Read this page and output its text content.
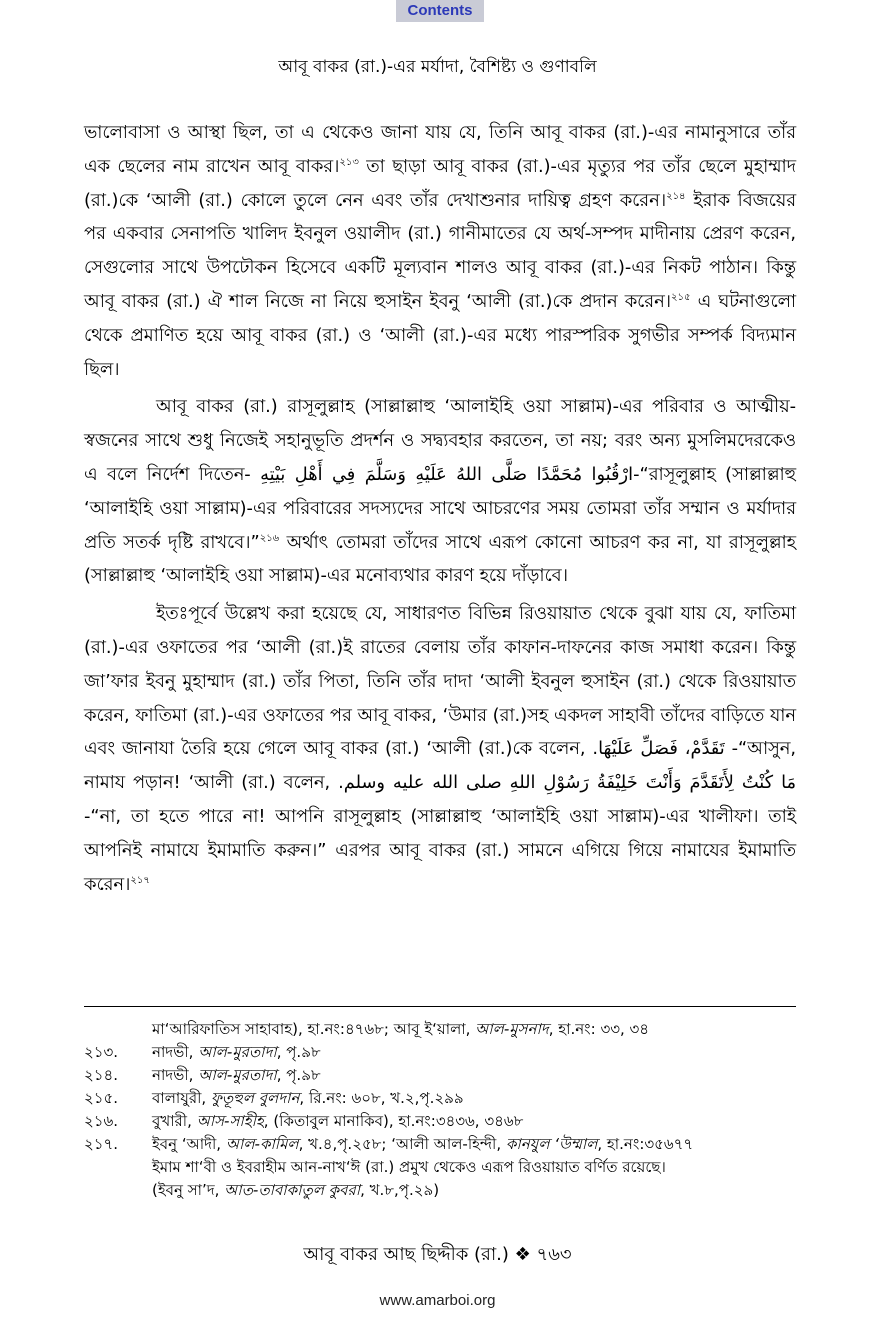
Contents
আবূ বাকর (রা.)-এর মর্যাদা, বৈশিষ্ট্য ও গুণাবলি

ভালোবাসা ও আস্থা ছিল, তা এ থেকেও জানা যায় যে, তিনি আবূ বাকর (রা.)-এর নামানুসারে তাঁর এক ছেলের নাম রাখেন আবূ বাকর।$^{২১৩}$ তা ছাড়া আবূ বাকর (রা.)-এর মৃত্যুর পর তাঁর ছেলে মুহাম্মাদ (রা.)কে ‘আলী (রা.) কোলে তুলে নেন এবং তাঁর দেখাশুনার দায়িত্ব গ্রহণ করেন।$^{২১৪}$ ইরাক বিজয়ের পর একবার সেনাপতি খালিদ ইবনুল ওয়ালীদ (রা.) গানীমাতের যে অর্থ-সম্পদ মাদীনায় প্রেরণ করেন, সেগুলোর সাথে উপঢৌকন হিসেবে একটি মূল্যবান শালও আবূ বাকর (রা.)-এর নিকট পাঠান। কিন্তু আবূ বাকর (রা.) ঐ শাল নিজে না নিয়ে হুসাইন ইবনু ‘আলী (রা.)কে প্রদান করেন।$^{২১৫}$ এ ঘটনাগুলো থেকে প্রমাণিত হয়ে আবূ বাকর (রা.) ও ‘আলী (রা.)-এর মধ্যে পারস্পরিক সুগভীর সম্পর্ক বিদ্যমান ছিল।

আবূ বাকর (রা.) রাসূলুল্লাহ (সাল্লাল্লাহু ‘আলাইহি ওয়া সাল্লাম)-এর পরিবার ও আত্মীয়-স্বজনের সাথে শুধু নিজেই সহানুভূতি প্রদর্শন ও সদ্ব্যবহার করতেন, তা নয়; বরং অন্য মুসলিমদেরকেও এ বলে নির্দেশ দিতেন- ارْقُبُوا مُحَمَّدًا صَلَّى اللهُ عَلَيْهِ وَسَلَّمَ فِي أَهْلِ بَيْتِهِ-“রাসূলুল্লাহ (সাল্লাল্লাহু ‘আলাইহি ওয়া সাল্লাম)-এর পরিবারের সদস্যদের সাথে আচরণের সময় তোমরা তাঁর সম্মান ও মর্যাদার প্রতি সতর্ক দৃষ্টি রাখবে।”$^{২১৬}$ অর্থাৎ তোমরা তাঁদের সাথে এরূপ কোনো আচরণ কর না, যা রাসূলুল্লাহ (সাল্লাল্লাহু ‘আলাইহি ওয়া সাল্লাম)-এর মনোব্যথার কারণ হয়ে দাঁড়াবে।

ইতঃপূর্বে উল্লেখ করা হয়েছে যে, সাধারণত বিভিন্ন রিওয়ায়াত থেকে বুঝা যায় যে, ফাতিমা (রা.)-এর ওফাতের পর ‘আলী (রা.)ই রাতের বেলায় তাঁর কাফান-দাফনের কাজ সমাধা করেন। কিন্তু জা’ফার ইবনু মুহাম্মাদ (রা.) তাঁর পিতা, তিনি তাঁর দাদা ‘আলী ইবনুল হুসাইন (রা.) থেকে রিওয়ায়াত করেন, ফাতিমা (রা.)-এর ওফাতের পর আবূ বাকর, ‘উমার (রা.)সহ একদল সাহাবী তাঁদের বাড়িতে যান এবং জানাযা তৈরি হয়ে গেলে আবূ বাকর (রা.) ‘আলী (রা.)কে বলেন, تَقَدَّمْ، فَصَلِّ عَلَيْهَا. -“আসুন, নামায পড়ান! ‘আলী (রা.) বলেন, مَا كُنْتُ لِأَتَقَدَّمَ وَأَنْتَ خَلِيْفَةُ رَسُوْلِ اللهِ صلى الله عليه وسلم. -“না, তা হতে পারে না! আপনি রাসূলুল্লাহ (সাল্লাল্লাহু ‘আলাইহি ওয়া সাল্লাম)-এর খালীফা। তাই আপনিই নামাযে ইমামাতি করুন।” এরপর আবূ বাকর (রা.) সামনে এগিয়ে গিয়ে নামাযের ইমামাতি করেন।$^{২১৭}$

মা‘আরিফাতিস সাহাবাহ), হা.নং:৪৭৬৮; আবূ ই‘য়ালা, আল-মুসনাদ, হা.নং: ৩৩, ৩৪
২১৩.	নাদভী, আল-মুরতাদা, পৃ.৯৮
২১৪.	নাদভী, আল-মুরতাদা, পৃ.৯৮
২১৫.	বালাযুরী, ফুতূহুল বুলদান, রি.নং: ৬০৮, খ.২,পৃ.২৯৯
২১৬.	বুখারী, আস-সাহীহ, (কিতাবুল মানাকিব), হা.নং:৩৪৩৬, ৩৪৬৮
২১৭.	ইবনু ‘আদী, আল-কামিল, খ.৪,পৃ.২৫৮; ‘আলী আল-হিন্দী, কানযুল ‘উম্মাল, হা.নং:৩৫৬৭৭
ইমাম শা‘বী ও ইবরাহীম আন-নাখ‘ঈ (রা.) প্রমুখ থেকেও এরূপ রিওয়ায়াত বর্ণিত রয়েছে।
(ইবনু সা’দ, আত-তাবাকাতুল কুবরা, খ.৮,পৃ.২৯)
আবূ বাকর আছ ছিদ্দীক (রা.) ❖ ৭৬৩
www.amarboi.org
